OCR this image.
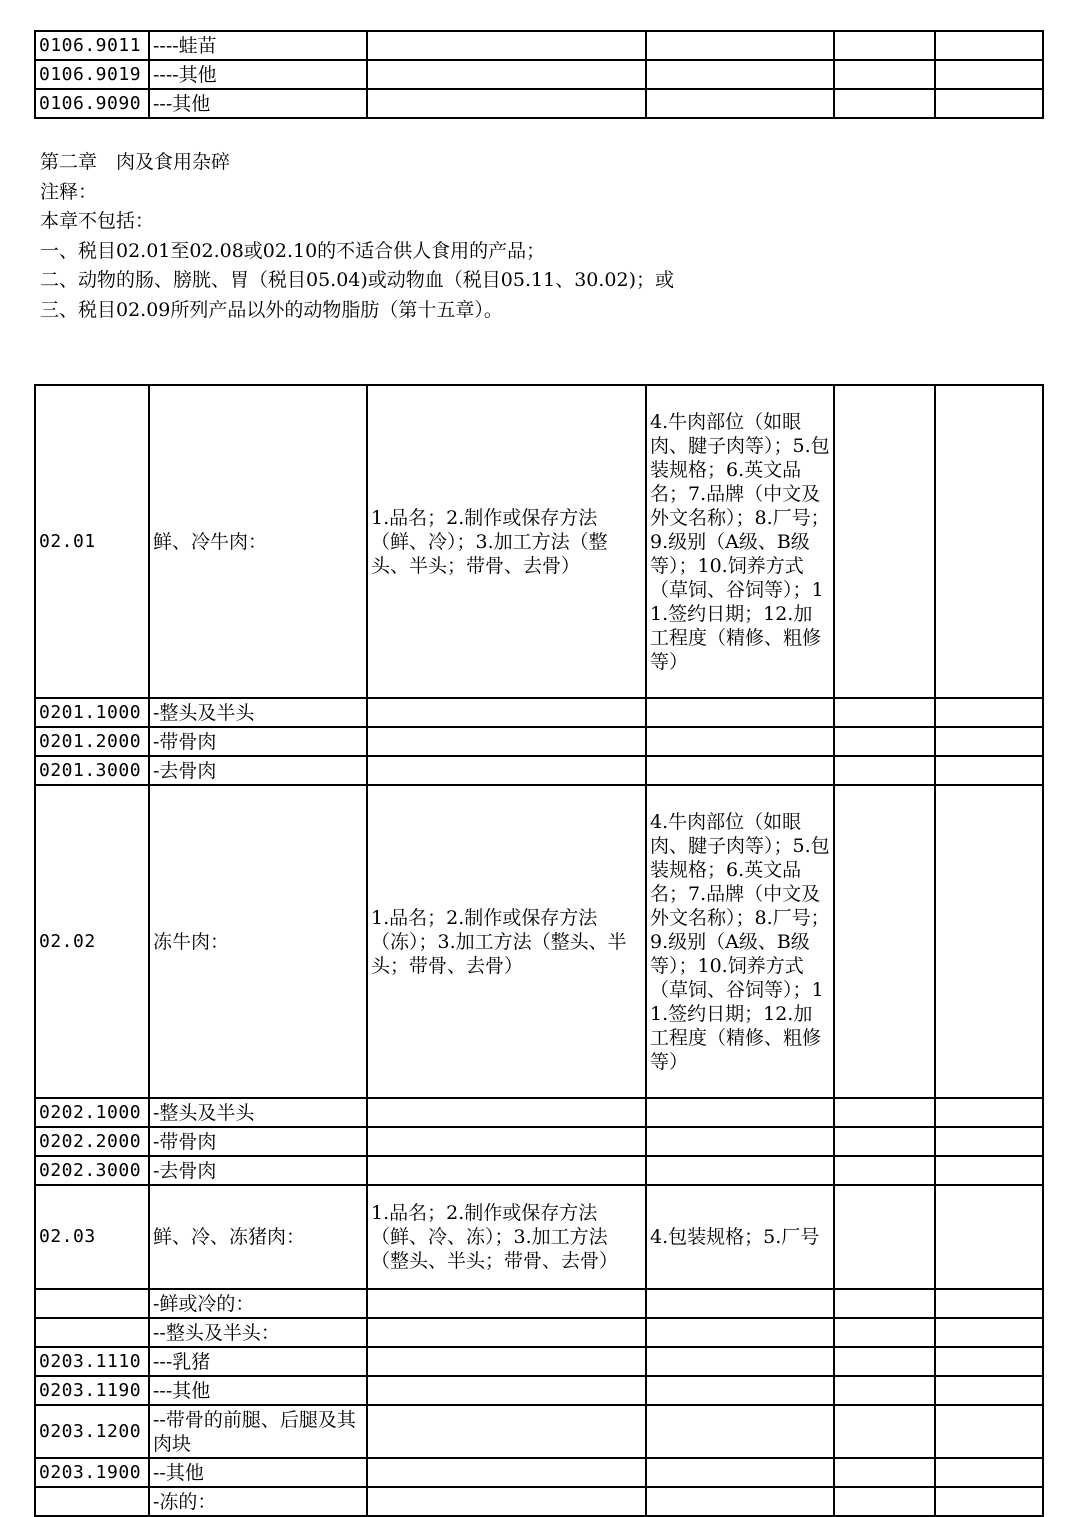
0106.9011	----蛙苗				
0106.9019	----其他				
0106.9090	---其他				
第二章　肉及食用杂碎
注释：
本章不包括：
一、税目02.01至02.08或02.10的不适合供人食用的产品；
二、动物的肠、膀胱、胃（税目05.04)或动物血（税目05.11、30.02)；或
三、税目02.09所列产品以外的动物脂肪（第十五章）。
02.01	鲜、冷牛肉：	1.品名；2.制作或保存方法（鲜、冷）；3.加工方法（整头、半头；带骨、去骨）	4.牛肉部位（如眼肉、腱子肉等）；5.包装规格；6.英文品名；7.品牌（中文及外文名称）；8.厂号；9.级别（A级、B级等）；10.饲养方式（草饲、谷饲等）；11.签约日期；12.加工程度（精修、粗修等）		
0201.1000	-整头及半头				
0201.2000	-带骨肉				
0201.3000	-去骨肉				
02.02	冻牛肉：	1.品名；2.制作或保存方法（冻）；3.加工方法（整头、半头；带骨、去骨）	4.牛肉部位（如眼肉、腱子肉等）；5.包装规格；6.英文品名；7.品牌（中文及外文名称）；8.厂号；9.级别（A级、B级等）；10.饲养方式（草饲、谷饲等）；11.签约日期；12.加工程度（精修、粗修等）		
0202.1000	-整头及半头				
0202.2000	-带骨肉				
0202.3000	-去骨肉				
02.03	鲜、冷、冻猪肉：	1.品名；2.制作或保存方法（鲜、冷、冻）；3.加工方法（整头、半头；带骨、去骨）	4.包装规格；5.厂号		
	-鲜或冷的：				
	--整头及半头：				
0203.1110	---乳猪				
0203.1190	---其他				
0203.1200	--带骨的前腿、后腿及其肉块				
0203.1900	--其他				
	-冻的：				
